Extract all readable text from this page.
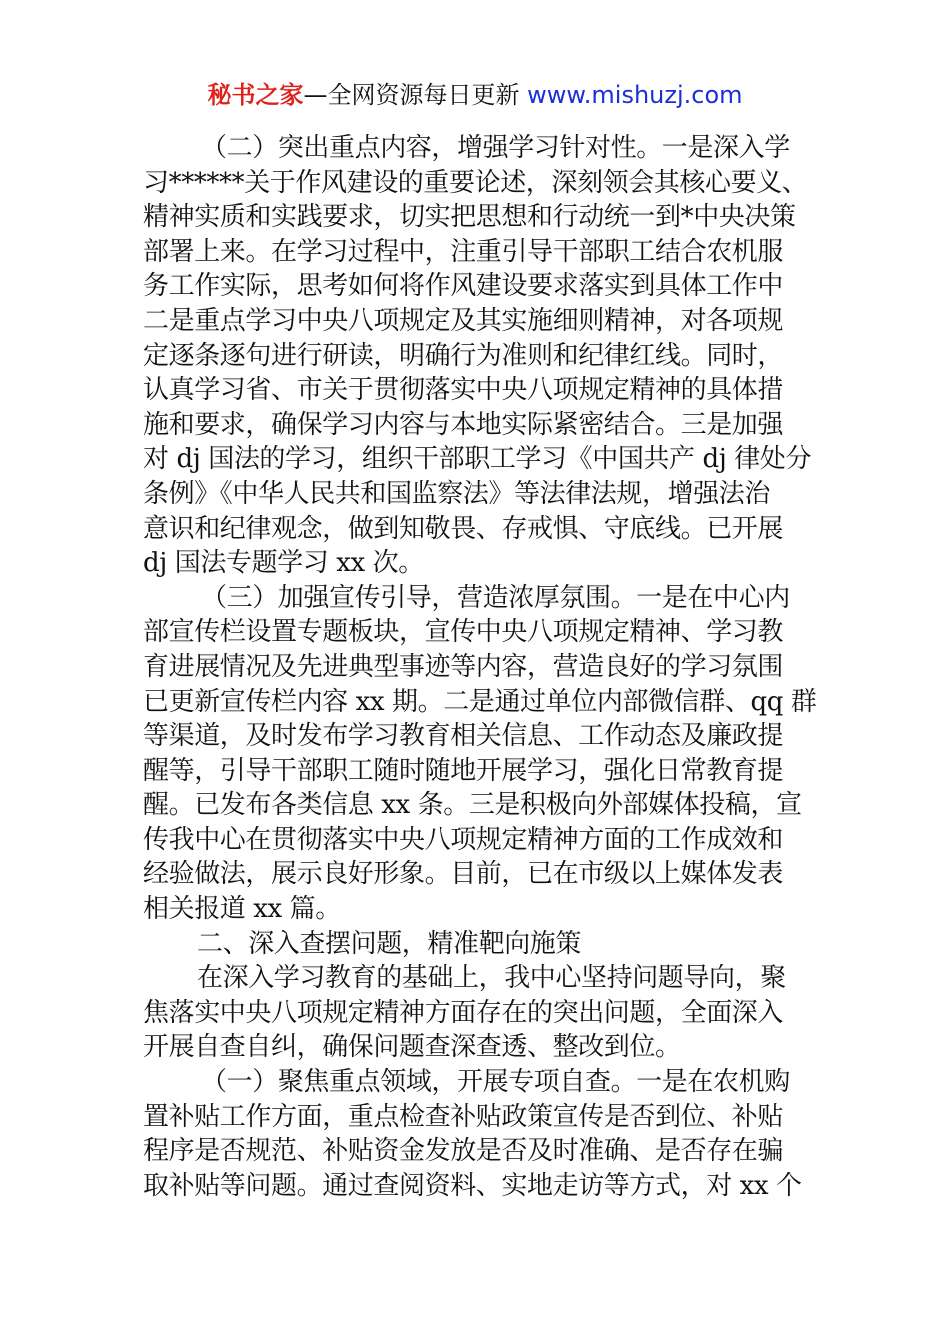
秘书之家—全网资源每日更新 www.mishuzj.com
（二）突出重点内容，增强学习针对性。一是深入学
习******关于作风建设的重要论述，深刻领会其核心要义、
精神实质和实践要求，切实把思想和行动统一到*中央决策
部署上来。在学习过程中，注重引导干部职工结合农机服
务工作实际，思考如何将作风建设要求落实到具体工作中
二是重点学习中央八项规定及其实施细则精神，对各项规
定逐条逐句进行研读，明确行为准则和纪律红线。同时，
认真学习省、市关于贯彻落实中央八项规定精神的具体措
施和要求，确保学习内容与本地实际紧密结合。三是加强
对 dj 国法的学习，组织干部职工学习《中国共产 dj 律处分
条例》《中华人民共和国监察法》等法律法规，增强法治
意识和纪律观念，做到知敬畏、存戒惧、守底线。已开展
dj 国法专题学习 xx 次。
（三）加强宣传引导，营造浓厚氛围。一是在中心内
部宣传栏设置专题板块，宣传中央八项规定精神、学习教
育进展情况及先进典型事迹等内容，营造良好的学习氛围
已更新宣传栏内容 xx 期。二是通过单位内部微信群、qq 群
等渠道，及时发布学习教育相关信息、工作动态及廉政提
醒等，引导干部职工随时随地开展学习，强化日常教育提
醒。已发布各类信息 xx 条。三是积极向外部媒体投稿，宣
传我中心在贯彻落实中央八项规定精神方面的工作成效和
经验做法，展示良好形象。目前，已在市级以上媒体发表
相关报道 xx 篇。
二、深入查摆问题，精准靶向施策
在深入学习教育的基础上，我中心坚持问题导向，聚
焦落实中央八项规定精神方面存在的突出问题，全面深入
开展自查自纠，确保问题查深查透、整改到位。
（一）聚焦重点领域，开展专项自查。一是在农机购
置补贴工作方面，重点检查补贴政策宣传是否到位、补贴
程序是否规范、补贴资金发放是否及时准确、是否存在骗
取补贴等问题。通过查阅资料、实地走访等方式，对 xx 个
